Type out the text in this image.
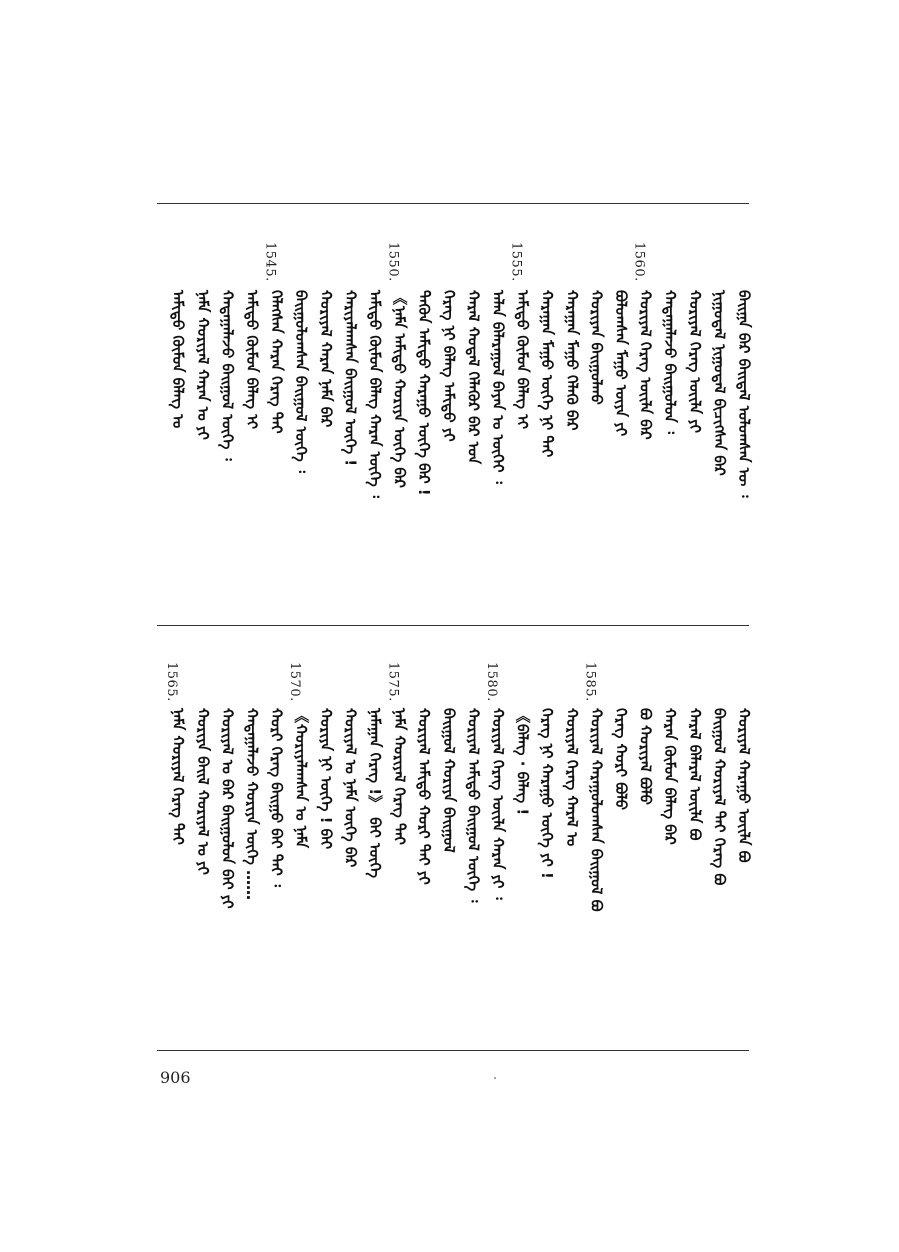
ᠪᠠᠢ᠌ᠭᠠ ᠪᠡᠷ ᠪᠠᠢᠳᠠᠯ ᠤᠯᠤᠭᠰᠠᠨ ᠦ ᠄
ᠨᠢᠭᠤᠳᠠᠯ ᠨᠢᠭᠤᠳᠠᠯ ᠪᠢᠴᠢᠭᠰᠡᠨ ᠪᠡᠷ
ᠬᠤᠷᠢᠶᠠᠯ ᠬᠡᠷᠡᠭ ᠦᠢᠯᠡ ᠶᠢ
ᠬᠠᠳᠠᠭᠠᠯᠠᠵᠤ ᠪᠠᠢᠭᠤᠯᠤᠨ ᠄
1560.
ᠬᠤᠷᠢᠶᠠᠯ ᠬᠡᠷᠡᠭ ᠦᠢᠯᠡ ᠪᠡᠷ
ᠪᠤᠯᠤᠭᠰᠠᠨ ᠮᠠᠭᠤ ᠦᠶᠡ ᠶᠢ
ᠬᠤᠷᠢᠶᠠᠨ ᠪᠠᠢᠭᠤᠯᠬᠤ
ᠬᠠᠷᠠᠭᠠᠨ ᠮᠠᠭᠤ ᠬᠡᠯᠡᠬᠦ ᠪᠡᠷ
ᠬᠠᠷᠠᠭᠠᠨ ᠮᠠᠭᠤ ᠦᠭᠡ ᠨᠢ ᠲᠡᠢ
1555.
ᠠᠮᠢᠳᠤ ᠬᠦᠮᠦᠨ ᠪᠡᠯᠡᠭ ᠢ
ᠠᠯᠠᠨ ᠪᠠᠯᠠᠷᠠᠭᠤᠯ ᠪᠠᠶᠠᠨ ᠤ ᠦᠭᠡᠢ ᠄
ᠬᠠᠷᠠᠯ ᠬᠤᠳᠠᠯ ᠬᠡᠯᠡᠭᠦᠷ ᠪᠠᠷ ᠤᠨ
ᠬᠡᠷᠡᠭ ᠨᠢ ᠪᠡᠯᠡᠭ ᠠᠮᠢᠳᠤ ᠶᠢ
ᠲᠡᠭᠦᠨ ᠠᠮᠢᠳᠤ ᠬᠠᠷᠠᠭᠤ ᠦᠭᠡ ᠪᠡᠷ !
1550.
《ᠨᠠᠮᠠ ᠠᠮᠢᠳᠤ ᠬᠤᠷᠢᠶᠠ ᠦᠭᠡ ᠪᠡᠷ
ᠠᠮᠢᠳᠤ ᠬᠦᠮᠦᠨ ᠪᠡᠯᠡᠭ ᠬᠠᠷᠠᠨ ᠦᠭᠡ ᠄
ᠬᠠᠷᠢᠶᠠᠯᠠᠭᠰᠠᠨ ᠪᠠᠢᠭᠤᠯ ᠦᠭᠡ !
ᠬᠤᠷᠢᠶᠠᠯ ᠬᠠᠷᠠᠨ ᠨᠠᠮᠠ ᠪᠡᠷ
ᠪᠠᠢᠭᠤᠯᠤᠭᠰᠠᠨ ᠪᠠᠢᠭᠤᠯ ᠦᠭᠡ ᠄
1545.
ᠬᠡᠯᠡᠭᠰᠡᠨ ᠬᠠᠷᠠᠨ ᠬᠡᠷᠡᠭ ᠲᠡᠢ
ᠠᠮᠢᠳᠤ ᠬᠦᠮᠦᠨ ᠪᠡᠯᠡᠭ ᠢ
ᠬᠠᠳᠠᠭᠠᠯᠠᠵᠤ ᠪᠠᠢᠭᠤᠯ ᠦᠭᠡ ᠄
ᠨᠠᠮᠠ ᠬᠤᠷᠢᠶᠠᠯ ᠬᠠᠷᠠᠨ ᠣ ᠶᠢ
ᠠᠮᠢᠳᠤ ᠬᠦᠮᠦᠨ ᠪᠡᠯᠡᠭ ᠣ
ᠬᠤᠷᠢᠶᠠᠯ ᠬᠠᠷᠠᠭᠤ ᠦᠢᠯᠡ ᠪᠤ
ᠪᠠᠢᠭᠤᠯ ᠬᠤᠷᠢᠶᠠᠯ ᠲᠡᠢ ᠬᠡᠷᠡᠭ ᠪᠤ
ᠬᠠᠷᠠᠯ ᠪᠠᠯᠠᠷᠠᠯ ᠦᠢᠯᠡ ᠪᠤ
ᠬᠠᠷᠠᠨ ᠬᠦᠮᠦᠨ ᠪᠡᠯᠡᠭ ᠪᠡᠷ
ᠪᠤ ᠬᠤᠷᠢᠶᠠᠯ ᠪᠤᠯᠤ
ᠬᠡᠷᠡᠭ ᠬᠤᠷᠢ ᠪᠤᠯᠤ
1585.
ᠬᠤᠷᠢᠶᠠᠯ ᠬᠠᠷᠠᠭᠤᠯᠤᠭᠰᠠᠨ ᠪᠠᠢᠭᠤᠯ ᠪᠤ
ᠬᠤᠷᠢᠶᠠᠯ ᠬᠡᠷᠡᠭ ᠬᠠᠷᠠᠯ ᠣ
ᠬᠡᠷᠡᠭ ᠨᠢ ᠬᠠᠷᠠᠭᠤ ᠦᠭᠡ ᠶᠢ !
《ᠪᠡᠯᠡᠭ · ᠪᠡᠯᠡᠭ !
1580.
ᠬᠤᠷᠢᠶᠠᠯ ᠬᠡᠷᠡᠭ ᠦᠢᠯᠡ ᠬᠠᠷᠠᠨ ᠶᠢ ᠄
ᠬᠤᠷᠢᠶᠠᠯ ᠠᠮᠢᠳᠤ ᠪᠠᠢᠭᠤᠯ ᠦᠭᠡ ᠄
ᠪᠠᠢᠭᠤᠯ ᠬᠤᠷᠢᠶᠠ ᠪᠠᠢᠭᠤᠯ
ᠬᠤᠷᠢᠶᠠᠯ ᠠᠮᠢᠳᠤ ᠬᠤᠷᠢ ᠲᠡᠢ ᠶᠢ
1575.
ᠨᠠᠮᠠ ᠬᠤᠷᠢᠶᠠᠯ ᠬᠡᠷᠡᠭ ᠲᠡᠢ
ᠨᠠᠮᠠᠭᠠᠨ ᠬᠡᠷᠡᠭ !》 ᠪᠠᠢ ᠦᠭᠡ
ᠬᠤᠷᠢᠶᠠᠯ ᠣ ᠨᠠᠮᠠ ᠦᠭᠡ ᠪᠡᠷ
ᠬᠤᠷᠢᠶᠠ ᠨᠢ ᠦᠭᠡ ! ᠪᠠᠢ
1570.
《ᠬᠤᠷᠢᠶᠠᠯᠠᠭᠰᠠᠨ ᠣ ᠨᠠᠮᠠ
ᠬᠤᠷᠢ ᠬᠡᠷᠡᠭ ᠪᠠᠢᠭᠤ ᠪᠠᠢ ᠲᠡᠢ ᠄
ᠬᠠᠳᠠᠭᠠᠯᠠᠵᠤ ᠬᠤᠷᠢᠶᠠ ᠦᠭᠡ ……
ᠬᠤᠷᠢᠶᠠᠯ ᠣ ᠪᠡᠷ ᠪᠠᠢᠭᠤᠯᠤᠨ ᠪᠠᠢ ᠶᠢ
ᠬᠤᠷᠢᠶᠠ ᠪᠠᠢᠯ ᠬᠤᠷᠢᠶᠠᠯ ᠣ ᠶᠢ
1565.
ᠨᠠᠮᠠ ᠬᠤᠷᠢᠶᠠᠯ ᠬᠡᠷᠡᠭ ᠲᠡᠢ
906
